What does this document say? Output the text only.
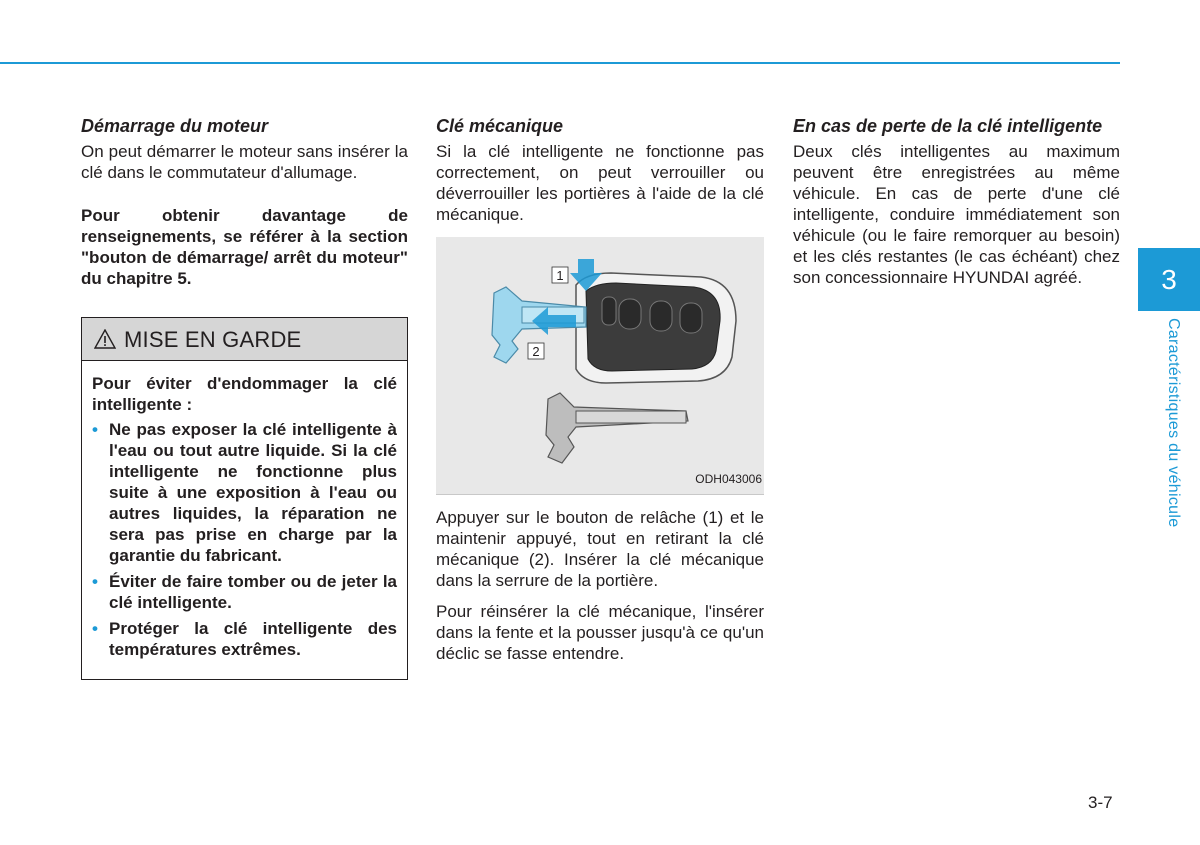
Démarrage du moteur

On peut démarrer le moteur sans insérer la clé dans le commutateur d'allumage.

Pour obtenir davantage de renseignements, se référer à la section "bouton de démarrage/ arrêt du moteur" du chapitre 5.

MISE EN GARDE

Pour éviter d'endommager la clé intelligente :

• Ne pas exposer la clé intelligente à l'eau ou tout autre liquide. Si la clé intelligente ne fonctionne plus suite à une exposition à l'eau ou autres liquides, la réparation ne sera pas prise en charge par la garantie du fabricant.
• Éviter de faire tomber ou de jeter la clé intelligente.
• Protéger la clé intelligente des températures extrêmes.
Clé mécanique

Si la clé intelligente ne fonctionne pas correctement, on peut verrouiller ou déverrouiller les portières à l'aide de la clé mécanique.

1
2
ODH043006

Appuyer sur le bouton de relâche (1) et le maintenir appuyé, tout en retirant la clé mécanique (2). Insérer la clé mécanique dans la serrure de la portière.

Pour réinsérer la clé mécanique, l'insérer dans la fente et la pousser jusqu'à ce qu'un déclic se fasse entendre.

En cas de perte de la clé intelligente

Deux clés intelligentes au maximum peuvent être enregistrées au même véhicule. En cas de perte d'une clé intelligente, conduire immédiatement son véhicule (ou le faire remorquer au besoin) et les clés restantes (le cas échéant) chez son concessionnaire HYUNDAI agréé.	3
Caractéristiques du véhicule
3-7
